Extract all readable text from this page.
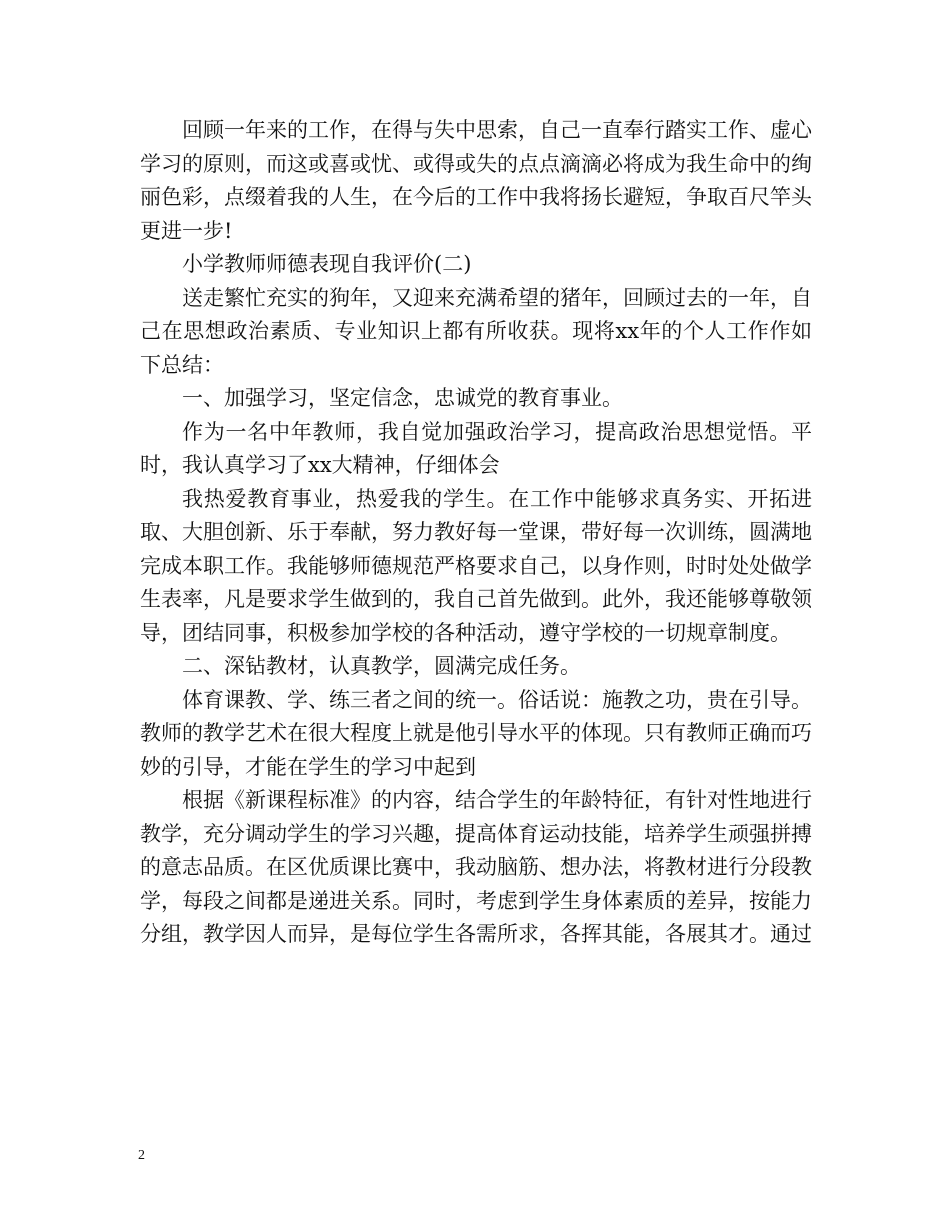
回顾一年来的工作，在得与失中思索，自己一直奉行踏实工作、虚心学习的原则，而这或喜或忧、或得或失的点点滴滴必将成为我生命中的绚丽色彩，点缀着我的人生，在今后的工作中我将扬长避短，争取百尺竿头更进一步!

小学教师师德表现自我评价(二)

送走繁忙充实的狗年，又迎来充满希望的猪年，回顾过去的一年，自己在思想政治素质、专业知识上都有所收获。现将xx年的个人工作作如下总结：

一、加强学习，坚定信念，忠诚党的教育事业。

作为一名中年教师，我自觉加强政治学习，提高政治思想觉悟。平时，我认真学习了xx大精神，仔细体会

我热爱教育事业，热爱我的学生。在工作中能够求真务实、开拓进取、大胆创新、乐于奉献，努力教好每一堂课，带好每一次训练，圆满地完成本职工作。我能够师德规范严格要求自己，以身作则，时时处处做学生表率，凡是要求学生做到的，我自己首先做到。此外，我还能够尊敬领导，团结同事，积极参加学校的各种活动，遵守学校的一切规章制度。

二、深钻教材，认真教学，圆满完成任务。

体育课教、学、练三者之间的统一。俗话说：施教之功，贵在引导。教师的教学艺术在很大程度上就是他引导水平的体现。只有教师正确而巧妙的引导，才能在学生的学习中起到

根据《新课程标准》的内容，结合学生的年龄特征，有针对性地进行教学，充分调动学生的学习兴趣，提高体育运动技能，培养学生顽强拼搏的意志品质。在区优质课比赛中，我动脑筋、想办法，将教材进行分段教学，每段之间都是递进关系。同时，考虑到学生身体素质的差异，按能力分组，教学因人而异，是每位学生各需所求，各挥其能，各展其才。通过

2
